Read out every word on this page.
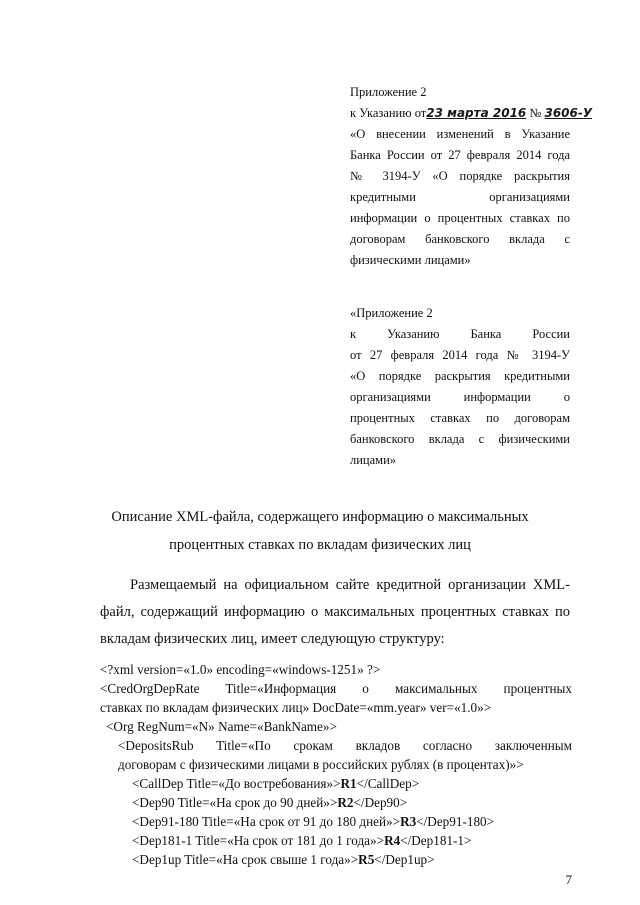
Приложение 2
к Указанию от23 марта 2016 № 3606-У
«О внесении изменений в Указание
Банка России от 27 февраля 2014 года
№ 3194-У «О порядке раскрытия
кредитными организациями
информации о процентных ставках по
договорам банковского вклада с
физическими лицами»
«Приложение 2
к Указанию Банка России
от 27 февраля 2014 года № 3194-У
«О порядке раскрытия кредитными
организациями информации о
процентных ставках по договорам
банковского вклада с физическими
лицами»
Описание XML-файла, содержащего информацию о максимальных
процентных ставках по вкладам физических лиц
Размещаемый на официальном сайте кредитной организации XML-файл, содержащий информацию о максимальных процентных ставках по вкладам физических лиц, имеет следующую структуру:
<?xml version=«1.0» encoding=«windows-1251» ?>
<CredOrgDepRate Title=«Информация о максимальных процентных
ставках по вкладам физических лиц» DocDate=«mm.year» ver=«1.0»>
<Org RegNum=«N» Name=«BankName»>
<DepositsRub Title=«По срокам вкладов согласно заключенным
договорам с физическими лицами в российских рублях (в процентах)»>
<CallDep Title=«До востребования»>R1</CallDep>
<Dep90 Title=«На срок до 90 дней»>R2</Dep90>
<Dep91-180 Title=«На срок от 91 до 180 дней»>R3</Dep91-180>
<Dep181-1 Title=«На срок от 181 до 1 года»>R4</Dep181-1>
<Dep1up Title=«На срок свыше 1 года»>R5</Dep1up>
7
